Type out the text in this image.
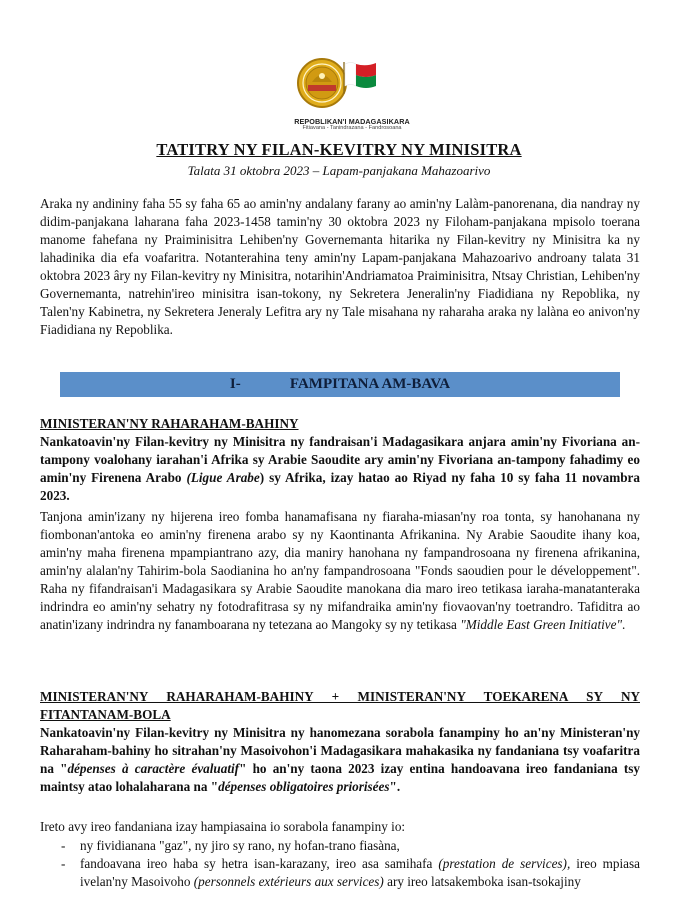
REPOBLIKAN'I MADAGASIKARA
Fitiavana - Tanindrazana - Fandrosoana
TATITRY NY FILAN-KEVITRY NY MINISITRA
Talata 31 oktobra 2023 – Lapam-panjakana Mahazoarivo

Araka ny andininy faha 55 sy faha 65 ao amin'ny andalany farany ao amin'ny Lalàm-panorenana, dia nandray ny didim-panjakana laharana faha 2023-1458 tamin'ny 30 oktobra 2023 ny Filoham-panjakana mpisolo toerana manome fahefana ny Praiminisitra Lehiben'ny Governemanta hitarika ny Filan-kevitry ny Minisitra ka ny lahadinika dia efa voafaritra. Notanterahina teny amin'ny Lapam-panjakana Mahazoarivo androany talata 31 oktobra 2023 âry ny Filan-kevitry ny Minisitra, notarihin'Andriamatoa Praiminisitra, Ntsay Christian, Lehiben'ny Governemanta, natrehin'ireo minisitra isan-tokony, ny Sekretera Jeneralin'ny Fiadidiana ny Repoblika, ny Talen'ny Kabinetra, ny Sekretera Jeneraly Lefitra ary ny Tale misahana ny raharaha araka ny lalàna eo anivon'ny Fiadidiana ny Repoblika.

I-	FAMPITANA AM-BAVA
MINISTERAN'NY RAHARAHAM-BAHINY

Nankatoavin'ny Filan-kevitry ny Minisitra ny fandraisan'i Madagasikara anjara amin'ny Fivoriana an-tampony voalohany iarahan'i Afrika sy Arabie Saoudite ary amin'ny Fivoriana an-tampony fahadimy eo amin'ny Firenena Arabo (Ligue Arabe) sy Afrika, izay hatao ao Riyad ny faha 10 sy faha 11 novambra 2023.

Tanjona amin'izany ny hijerena ireo fomba hanamafisana ny fiaraha-miasan'ny roa tonta, sy hanohanana ny fiombonan'antoka eo amin'ny firenena arabo sy ny Kaontinanta Afrikanina. Ny Arabie Saoudite ihany koa, amin'ny maha firenena mpampiantrano azy, dia maniry hanohana ny fampandrosoana ny firenena afrikanina, amin'ny alalan'ny Tahirim-bola Saodianina ho an'ny fampandrosoana "Fonds saoudien pour le développement". Raha ny fifandraisan'i Madagasikara sy Arabie Saoudite manokana dia maro ireo tetikasa iaraha-manatanteraka indrindra eo amin'ny sehatry ny fotodrafitrasa sy ny mifandraika amin'ny fiovaovan'ny toetrandro. Tafiditra ao anatin'izany indrindra ny fanamboarana ny tetezana ao Mangoky sy ny tetikasa "Middle East Green Initiative".

MINISTERAN'NY RAHARAHAM-BAHINY + MINISTERAN'NY TOEKARENA SY NY FITANTANAM-BOLA

Nankatoavin'ny Filan-kevitry ny Minisitra ny hanomezana sorabola fanampiny ho an'ny Ministeran'ny Raharaham-bahiny ho sitrahan'ny Masoivohon'i Madagasikara mahakasika ny fandaniana tsy voafaritra na "dépenses à caractère évaluatif" ho an'ny taona 2023 izay entina handoavana ireo fandaniana tsy maintsy atao lohalaharana na "dépenses obligatoires priorisées".

Ireto avy ireo fandaniana izay hampiasaina io sorabola fanampiny io:

- ny fividianana "gaz", ny jiro sy rano, ny hofan-trano fiasàna,
- fandoavana ireo haba sy hetra isan-karazany, ireo asa samihafa (prestation de services), ireo mpiasa ivelan'ny Masoivoho (personnels extérieurs aux services) ary ireo latsakemboka isan-tsokajiny
